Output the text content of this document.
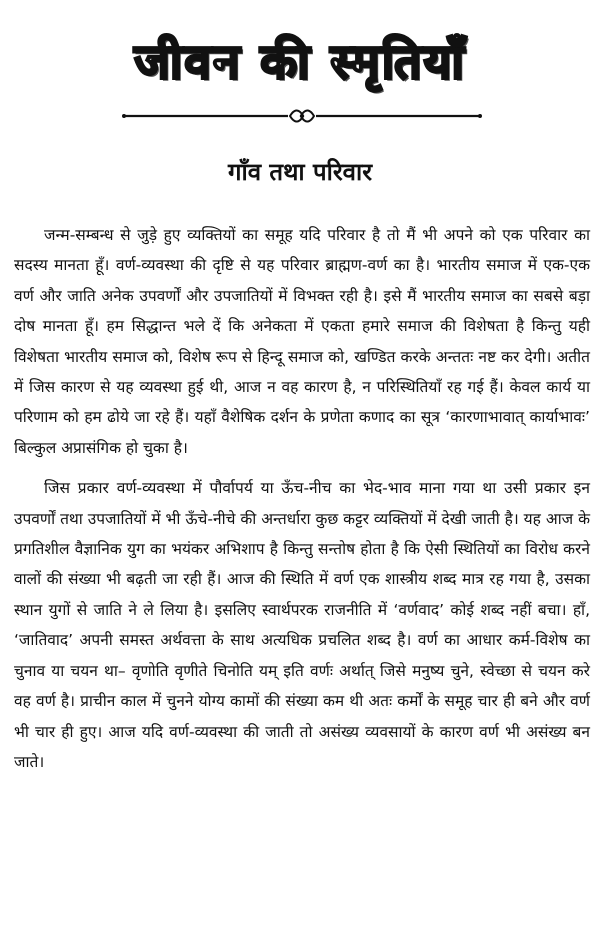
जीवन की स्मृतियाँ
गाँव तथा परिवार

जन्म-सम्बन्ध से जुड़े हुए व्यक्तियों का समूह यदि परिवार है तो मैं भी अपने को एक परिवार का सदस्य मानता हूँ। वर्ण-व्यवस्था की दृष्टि से यह परिवार ब्राह्मण-वर्ण का है। भारतीय समाज में एक-एक वर्ण और जाति अनेक उपवर्णों और उपजातियों में विभक्त रही है। इसे मैं भारतीय समाज का सबसे बड़ा दोष मानता हूँ। हम सिद्धान्त भले दें कि अनेकता में एकता हमारे समाज की विशेषता है किन्तु यही विशेषता भारतीय समाज को, विशेष रूप से हिन्दू समाज को, खण्डित करके अन्ततः नष्ट कर देगी। अतीत में जिस कारण से यह व्यवस्था हुई थी, आज न वह कारण है, न परिस्थितियाँ रह गई हैं। केवल कार्य या परिणाम को हम ढोये जा रहे हैं। यहाँ वैशेषिक दर्शन के प्रणेता कणाद का सूत्र ‘कारणाभावात् कार्याभावः’ बिल्कुल अप्रासंगिक हो चुका है।

जिस प्रकार वर्ण-व्यवस्था में पौर्वापर्य या ऊँच-नीच का भेद-भाव माना गया था उसी प्रकार इन उपवर्णों तथा उपजातियों में भी ऊँचे-नीचे की अन्तर्धारा कुछ कट्टर व्यक्तियों में देखी जाती है। यह आज के प्रगतिशील वैज्ञानिक युग का भयंकर अभिशाप है किन्तु सन्तोष होता है कि ऐसी स्थितियों का विरोध करने वालों की संख्या भी बढ़ती जा रही हैं। आज की स्थिति में वर्ण एक शास्त्रीय शब्द मात्र रह गया है, उसका स्थान युगों से जाति ने ले लिया है। इसलिए स्वार्थपरक राजनीति में ‘वर्णवाद’ कोई शब्द नहीं बचा। हाँ, ‘जातिवाद’ अपनी समस्त अर्थवत्ता के साथ अत्यधिक प्रचलित शब्द है। वर्ण का आधार कर्म-विशेष का चुनाव या चयन था– वृणोति वृणीते चिनोति यम् इति वर्णः अर्थात् जिसे मनुष्य चुने, स्वेच्छा से चयन करे वह वर्ण है। प्राचीन काल में चुनने योग्य कामों की संख्या कम थी अतः कर्मों के समूह चार ही बने और वर्ण भी चार ही हुए। आज यदि वर्ण-व्यवस्था की जाती तो असंख्य व्यवसायों के कारण वर्ण भी असंख्य बन जाते।
